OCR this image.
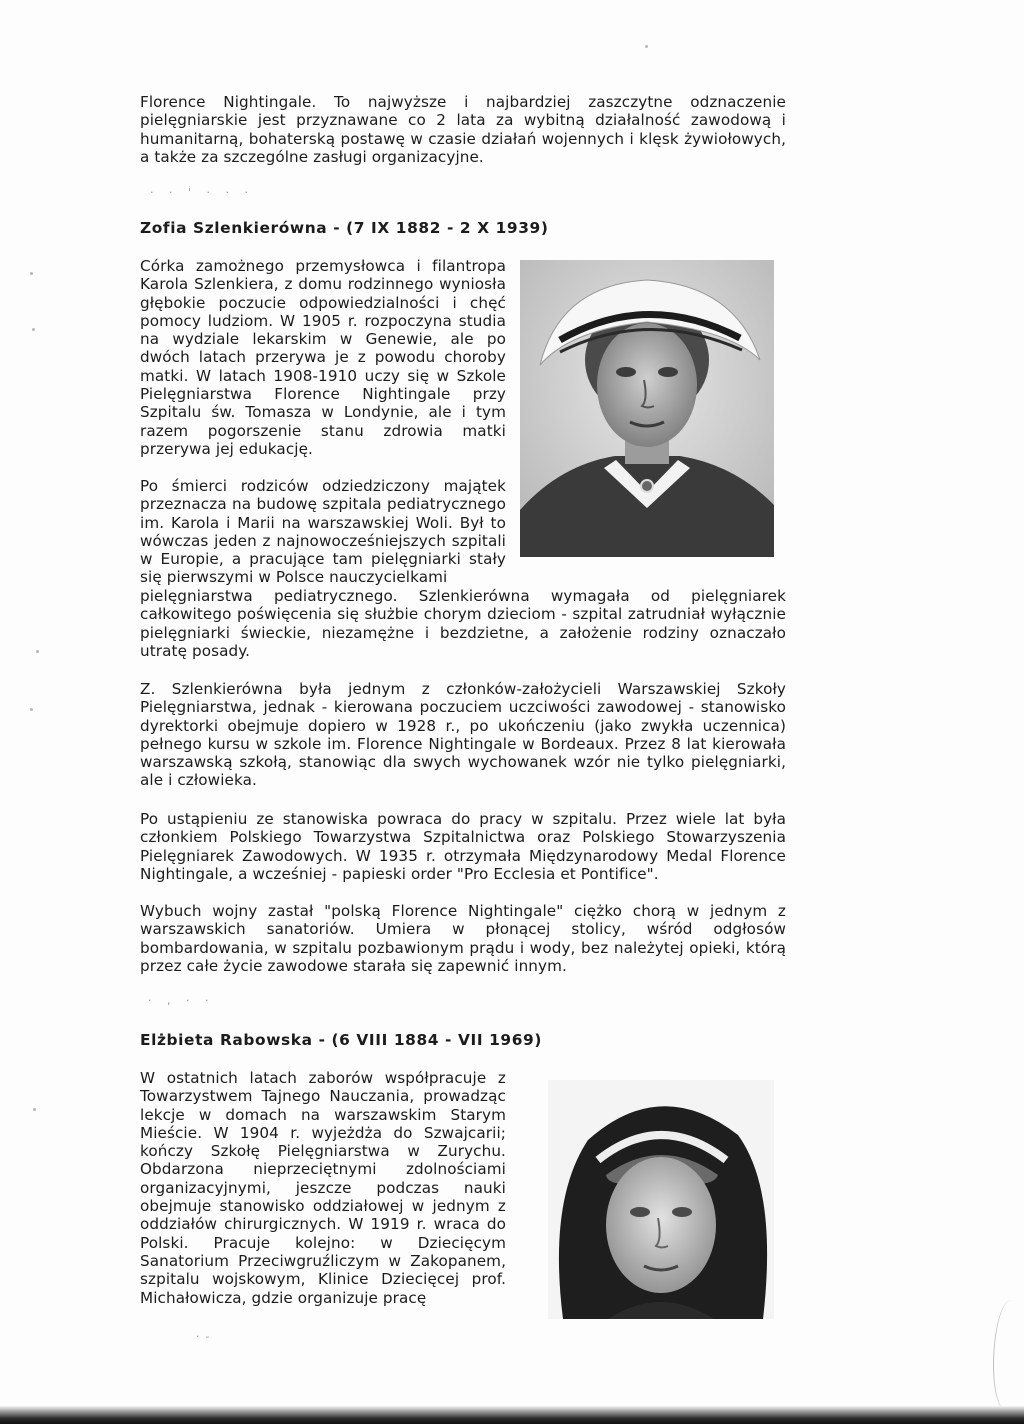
· · ' · · ·
· , · ·
·-

Florence Nightingale. To najwyższe i najbardziej zaszczytne odznaczenie pielęgniarskie jest przyznawane co 2 lata za wybitną działalność zawodową i humanitarną, bohaterską postawę w czasie działań wojennych i klęsk żywiołowych, a także za szczególne zasługi organizacyjne.

Zofia Szlenkierówna - (7 IX 1882 - 2 X 1939)

Córka zamożnego przemysłowca i filantropa Karola Szlenkiera, z domu rodzinnego wyniosła głębokie poczucie odpowiedzialności i chęć pomocy ludziom. W 1905 r. rozpoczyna studia na wydziale lekarskim w Genewie, ale po dwóch latach przerywa je z powodu choroby matki. W latach 1908-1910 uczy się w Szkole Pielęgniarstwa Florence Nightingale przy Szpitalu św. Tomasza w Londynie, ale i tym razem pogorszenie stanu zdrowia matki przerywa jej edukację.

Po śmierci rodziców odziedziczony majątek przeznacza na budowę szpitala pediatrycznego im. Karola i Marii na warszawskiej Woli. Był to wówczas jeden z najnowocześniejszych szpitali w Europie, a pracujące tam pielęgniarki stały się pierwszymi w Polsce nauczycielkami

pielęgniarstwa pediatrycznego. Szlenkierówna wymagała od pielęgniarek całkowitego poświęcenia się służbie chorym dzieciom - szpital zatrudniał wyłącznie pielęgniarki świeckie, niezamężne i bezdzietne, a założenie rodziny oznaczało utratę posady.

Z. Szlenkierówna była jednym z członków-założycieli Warszawskiej Szkoły Pielęgniarstwa, jednak - kierowana poczuciem uczciwości zawodowej - stanowisko dyrektorki obejmuje dopiero w 1928 r., po ukończeniu (jako zwykła uczennica) pełnego kursu w szkole im. Florence Nightingale w Bordeaux. Przez 8 lat kierowała warszawską szkołą, stanowiąc dla swych wychowanek wzór nie tylko pielęgniarki, ale i człowieka.

Po ustąpieniu ze stanowiska powraca do pracy w szpitalu. Przez wiele lat była członkiem Polskiego Towarzystwa Szpitalnictwa oraz Polskiego Stowarzyszenia Pielęgniarek Zawodowych. W 1935 r. otrzymała Międzynarodowy Medal Florence Nightingale, a wcześniej - papieski order "Pro Ecclesia et Pontifice".

Wybuch wojny zastał "polską Florence Nightingale" ciężko chorą w jednym z warszawskich sanatoriów. Umiera w płonącej stolicy, wśród odgłosów bombardowania, w szpitalu pozbawionym prądu i wody, bez należytej opieki, którą przez całe życie zawodowe starała się zapewnić innym.

Elżbieta Rabowska - (6 VIII 1884 - VII 1969)

W ostatnich latach zaborów współpracuje z Towarzystwem Tajnego Nauczania, prowadząc lekcje w domach na warszawskim Starym Mieście. W 1904 r. wyjeżdża do Szwajcarii; kończy Szkołę Pielęgniarstwa w Zurychu. Obdarzona nieprzeciętnymi zdolnościami organizacyjnymi, jeszcze podczas nauki obejmuje stanowisko oddziałowej w jednym z oddziałów chirurgicznych. W 1919 r. wraca do Polski. Pracuje kolejno: w Dziecięcym Sanatorium Przeciwgruźliczym w Zakopanem, szpitalu wojskowym, Klinice Dziecięcej prof. Michałowicza, gdzie organizuje pracę
